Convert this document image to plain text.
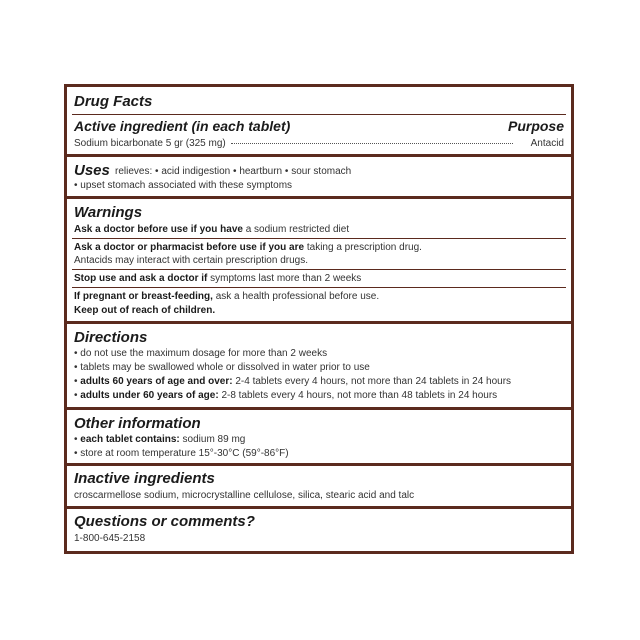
Drug Facts
Active ingredient (in each tablet)	Purpose
Sodium bicarbonate 5 gr (325 mg)	Antacid
Uses relieves: • acid indigestion • heartburn • sour stomach
• upset stomach associated with these symptoms
Warnings
Ask a doctor before use if you have a sodium restricted diet
Ask a doctor or pharmacist before use if you are taking a prescription drug.
Antacids may interact with certain prescription drugs.
Stop use and ask a doctor if symptoms last more than 2 weeks
If pregnant or breast-feeding, ask a health professional before use.
Keep out of reach of children.
Directions
• do not use the maximum dosage for more than 2 weeks
• tablets may be swallowed whole or dissolved in water prior to use
• adults 60 years of age and over: 2-4 tablets every 4 hours, not more than 24 tablets in 24 hours
• adults under 60 years of age: 2-8 tablets every 4 hours, not more than 48 tablets in 24 hours
Other information
• each tablet contains: sodium 89 mg
• store at room temperature 15°-30°C (59°-86°F)
Inactive ingredients
croscarmellose sodium, microcrystalline cellulose, silica, stearic acid and talc
Questions or comments?
1-800-645-2158
